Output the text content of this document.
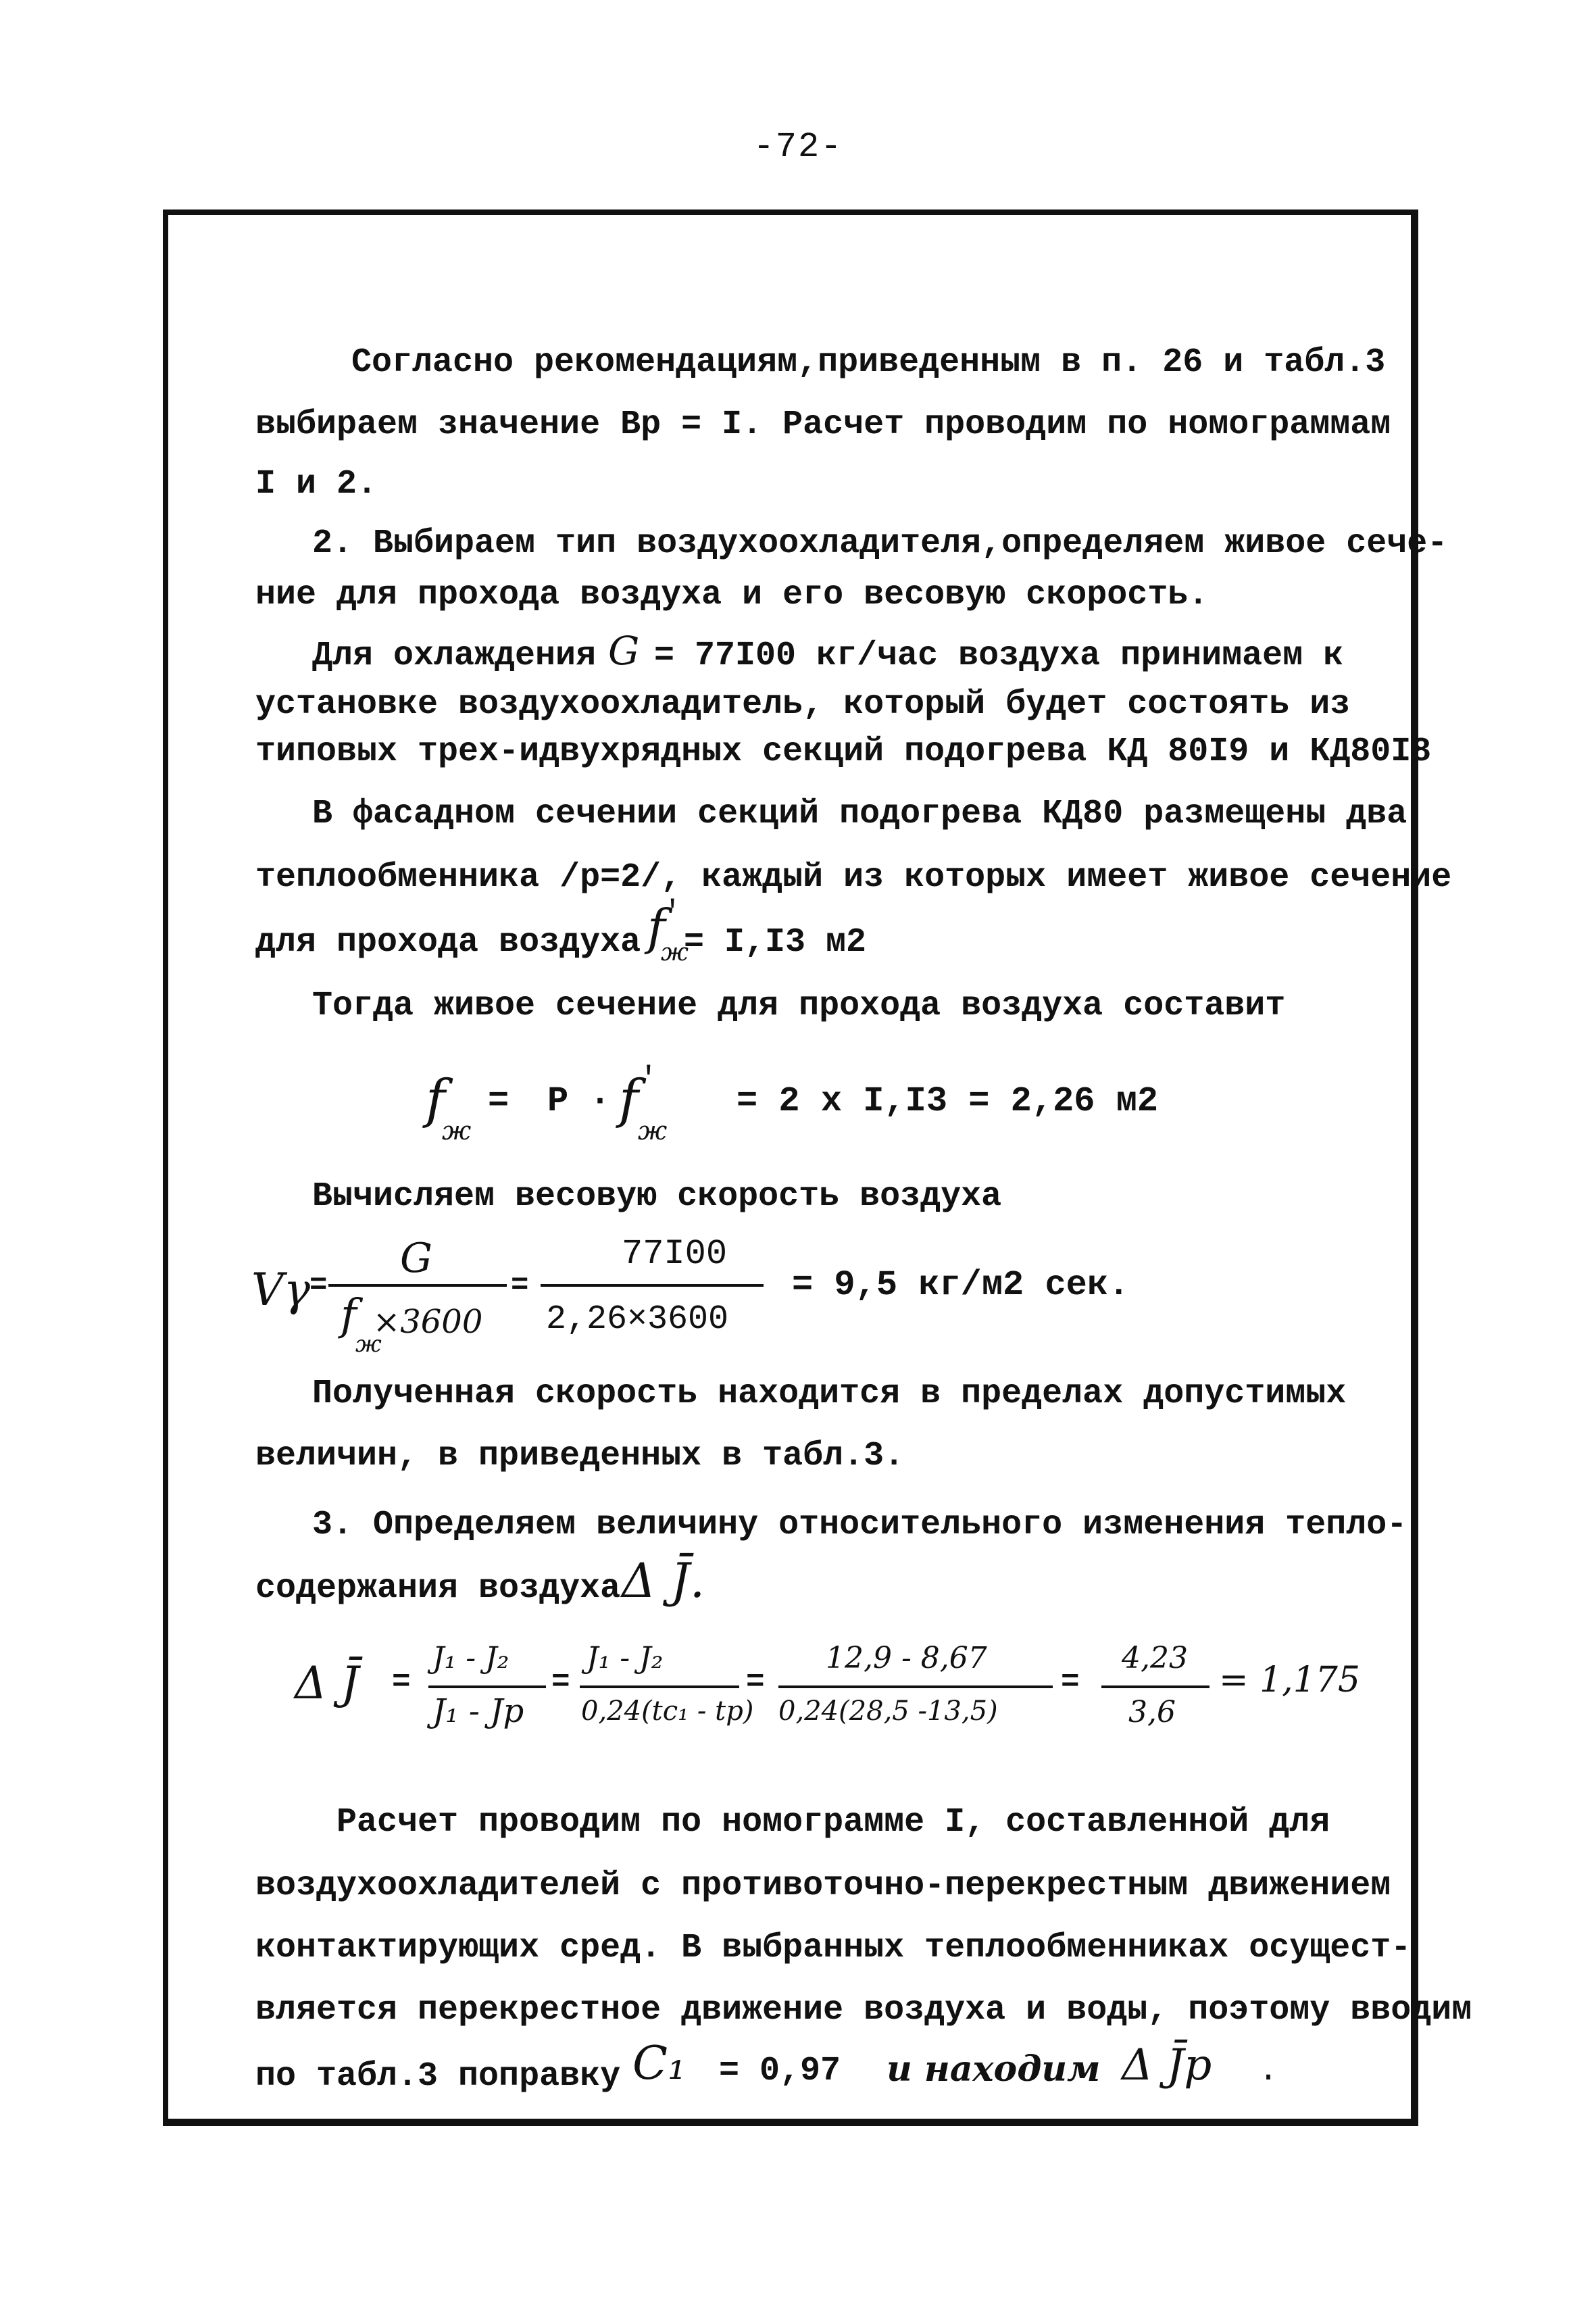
-72-
Согласно рекомендациям,приведенным в п. 26 и табл.3
выбираем значение Вр = I. Расчет проводим по номограммам
I и 2.
2. Выбираем тип воздухоохладителя,определяем живое сече-
ние для прохода воздуха и его весовую скорость.
Для охлаждения G = 77I00 кг/час воздуха принимаем к
установке воздухоохладитель, который будет состоять из
типовых трех-идвухрядных секций подогрева КД 80I9 и КД80I8
В фасадном сечении секций подогрева КД80 размещены два
теплообменника /р=2/, каждый из которых имеет живое сечение
для прохода воздуха f
′
ж
= I,I3 м2
Тогда живое сечение для прохода воздуха составит
f
ж
= P · f ′
ж
= 2 x I,I3 = 2,26 м2
Вычисляем весовую скорость воздуха
Vγ
=
G
f
ж
×3600
=
77I00
2,26×3600
= 9,5 кг/м2 сек.
Полученная скорость находится в пределах допустимых
величин, в приведенных в табл.3.
3. Определяем величину относительного изменения тепло-
содержания воздуха Δ J̄.
Δ J̄ =
J₁ - J₂
J₁ - Jр
=
J₁ - J₂
0,24(tc₁ - tр)
=
12,9 - 8,67
0,24(28,5 -13,5)
=
4,23
3,6
= 1,175
Расчет проводим по номограмме I, составленной для
воздухоохладителей с противоточно-перекрестным движением
контактирующих сред. В выбранных теплообменниках осущест-
вляется перекрестное движение воздуха и воды, поэтому вводим
по табл.3 поправку C₁ = 0,97 и находим Δ J̄р .
